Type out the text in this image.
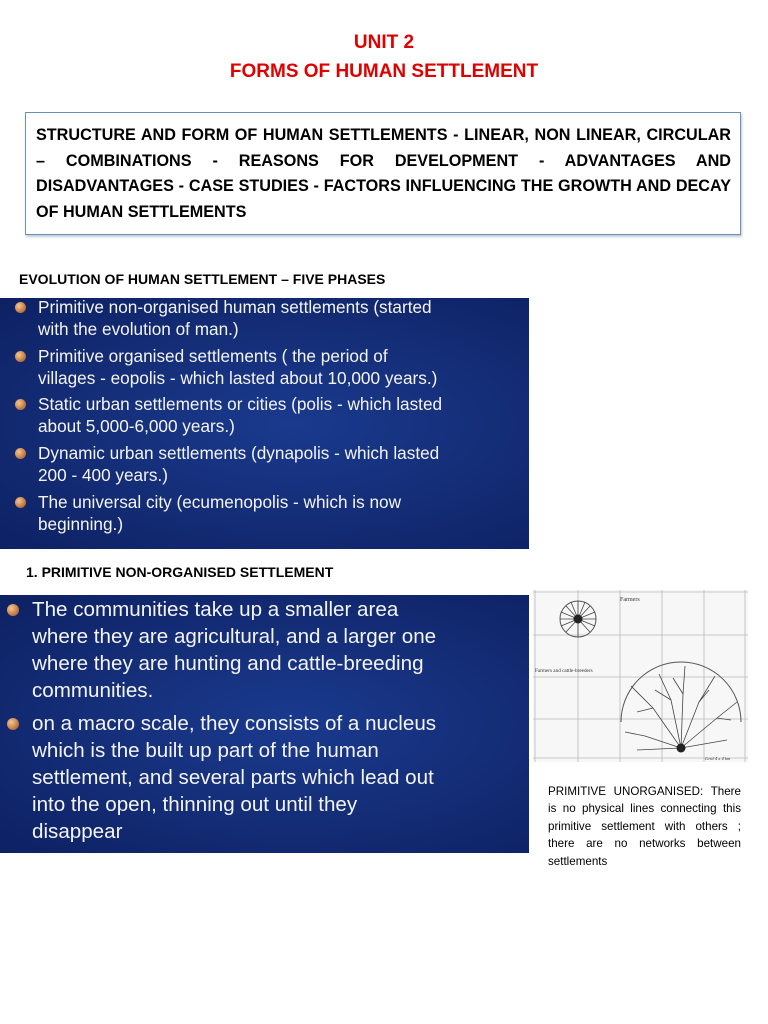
UNIT 2
FORMS OF HUMAN SETTLEMENT

STRUCTURE AND FORM OF HUMAN SETTLEMENTS - LINEAR, NON LINEAR, CIRCULAR – COMBINATIONS - REASONS FOR DEVELOPMENT - ADVANTAGES AND DISADVANTAGES - CASE STUDIES - FACTORS INFLUENCING THE GROWTH AND DECAY OF HUMAN SETTLEMENTS

EVOLUTION OF HUMAN SETTLEMENT – FIVE PHASES
Primitive non-organised human settlements (started
with the evolution of man.)
Primitive organised settlements ( the period of
villages - eopolis - which lasted about 10,000 years.)
Static urban settlements or cities (polis - which lasted
about 5,000-6,000 years.)
Dynamic urban settlements (dynapolis - which lasted
200 - 400 years.)
The universal city (ecumenopolis - which is now
beginning.)
1. PRIMITIVE NON-ORGANISED SETTLEMENT
The communities take up a smaller area
where they are agricultural, and a larger one
where they are hunting and cattle-breeding
communities.
on a macro scale, they consists of a nucleus
which is the built up part of the human
settlement, and several parts which lead out
into the open, thinning out until they
disappear
Farmers
Farmers and cattle-breeders
Grid 4 x 4 km

PRIMITIVE UNORGANISED: There is no physical lines connecting this primitive settlement with others ; there are no networks between settlements
